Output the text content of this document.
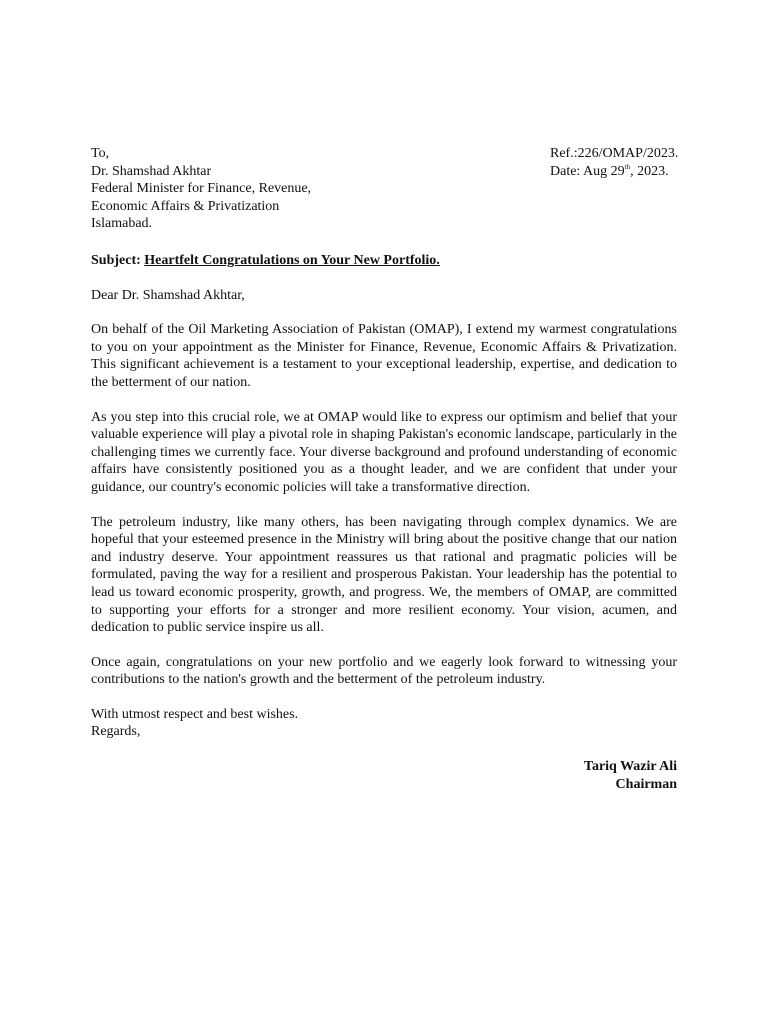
To,
Dr. Shamshad Akhtar
Federal Minister for Finance, Revenue,
Economic Affairs & Privatization
Islamabad.
Ref.:226/OMAP/2023.
Date: Aug 29th, 2023.
Subject: Heartfelt Congratulations on Your New Portfolio.
Dear Dr. Shamshad Akhtar,
On behalf of the Oil Marketing Association of Pakistan (OMAP), I extend my warmest congratulations to you on your appointment as the Minister for Finance, Revenue, Economic Affairs & Privatization. This significant achievement is a testament to your exceptional leadership, expertise, and dedication to the betterment of our nation.
As you step into this crucial role, we at OMAP would like to express our optimism and belief that your valuable experience will play a pivotal role in shaping Pakistan's economic landscape, particularly in the challenging times we currently face. Your diverse background and profound understanding of economic affairs have consistently positioned you as a thought leader, and we are confident that under your guidance, our country's economic policies will take a transformative direction.
The petroleum industry, like many others, has been navigating through complex dynamics. We are hopeful that your esteemed presence in the Ministry will bring about the positive change that our nation and industry deserve. Your appointment reassures us that rational and pragmatic policies will be formulated, paving the way for a resilient and prosperous Pakistan. Your leadership has the potential to lead us toward economic prosperity, growth, and progress. We, the members of OMAP, are committed to supporting your efforts for a stronger and more resilient economy. Your vision, acumen, and dedication to public service inspire us all.
Once again, congratulations on your new portfolio and we eagerly look forward to witnessing your contributions to the nation's growth and the betterment of the petroleum industry.
With utmost respect and best wishes.
Regards,
Tariq Wazir Ali
Chairman
